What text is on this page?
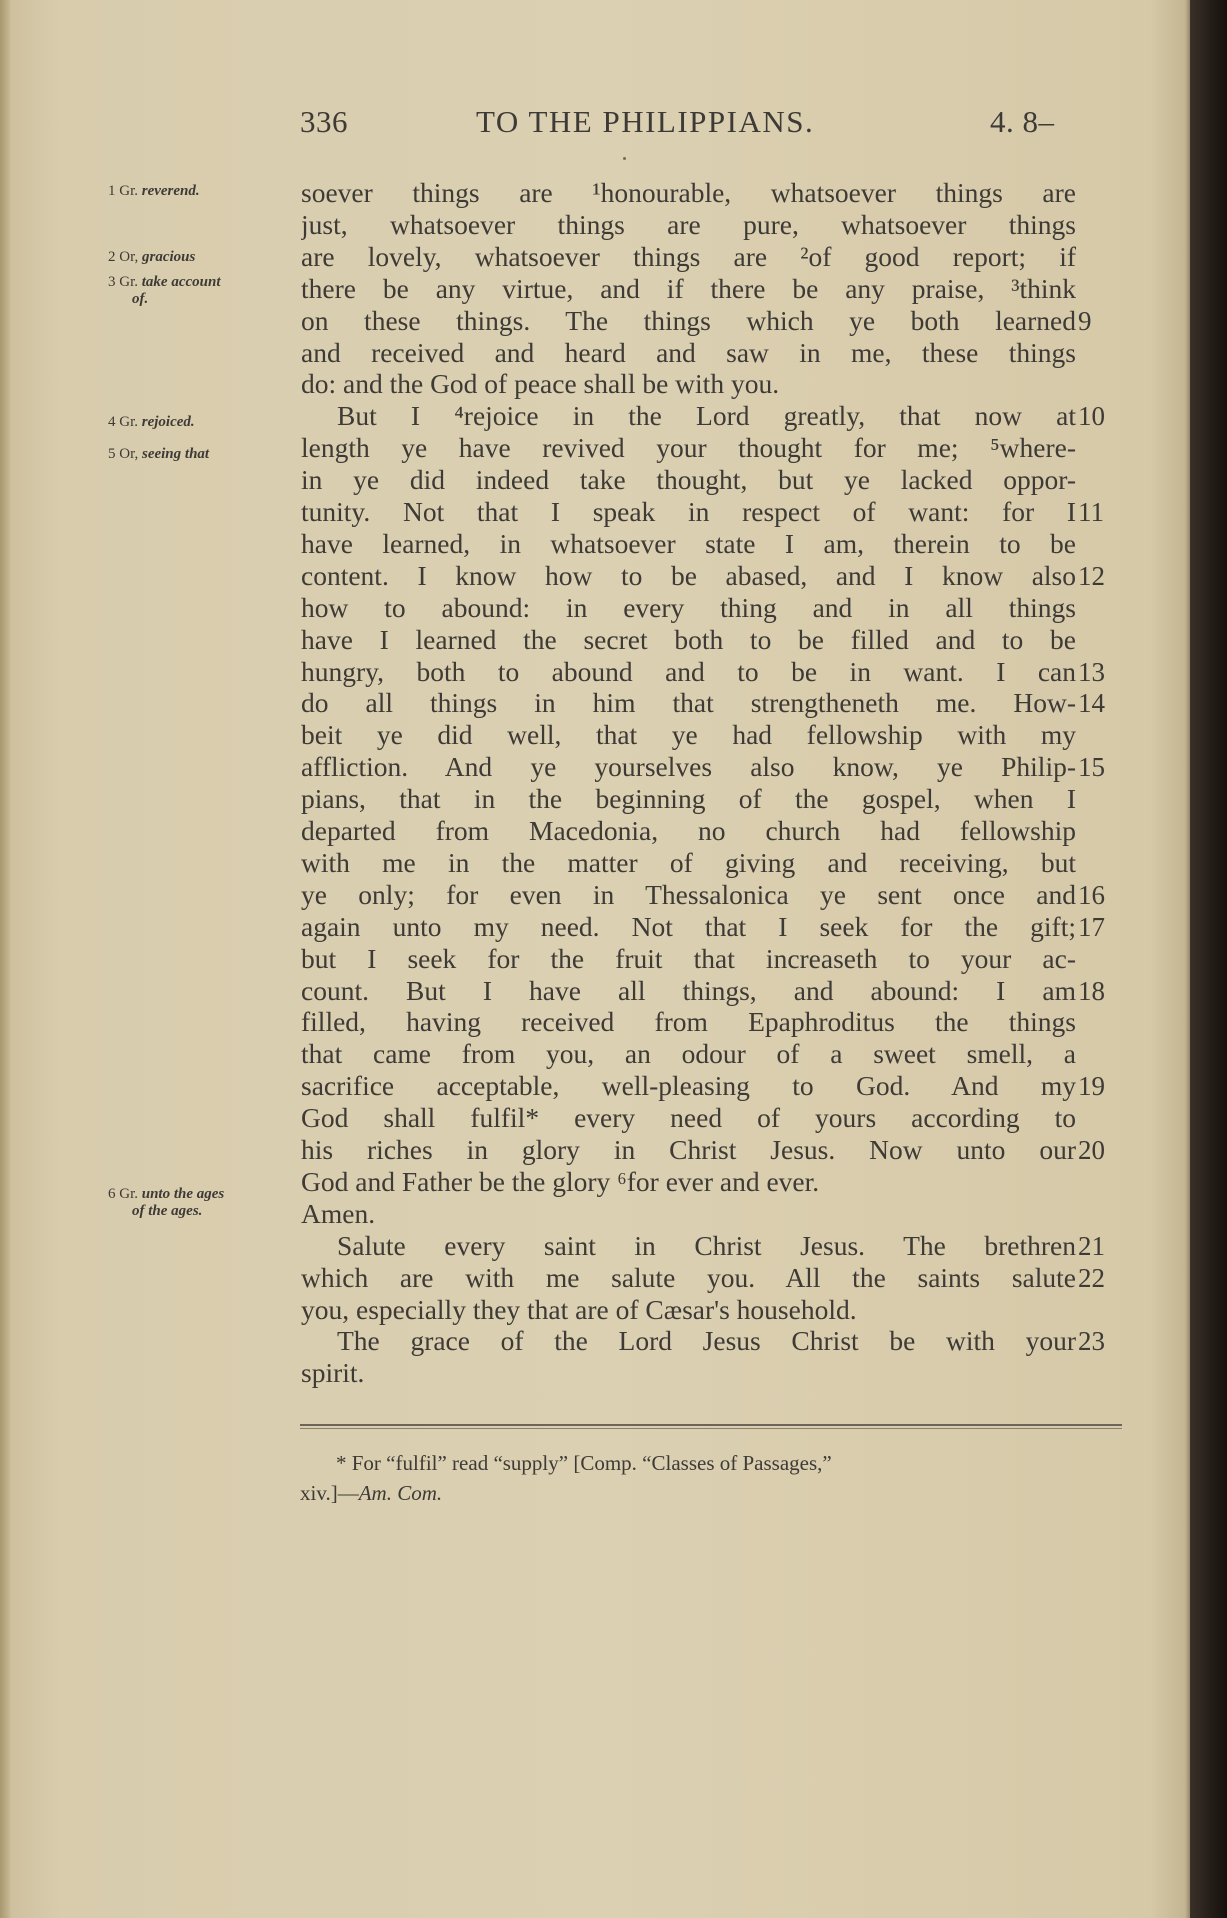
336	TO THE PHILIPPIANS.	4. 8–
1 Gr. reverend.
2 Or, gracious
3 Gr. take account
of.
4 Gr. rejoiced.
5 Or, seeing that
6 Gr. unto the ages
of the ages.
soever things are ¹honourable, whatsoever things are
just, whatsoever things are pure, whatsoever things
are lovely, whatsoever things are ²of good report; if
there be any virtue, and if there be any praise, ³think
on these things. The things which ye both learned
and received and heard and saw in me, these things
do: and the God of peace shall be with you.
But I ⁴rejoice in the Lord greatly, that now at
length ye have revived your thought for me; ⁵where-
in ye did indeed take thought, but ye lacked oppor-
tunity. Not that I speak in respect of want: for I
have learned, in whatsoever state I am, therein to be
content. I know how to be abased, and I know also
how to abound: in every thing and in all things
have I learned the secret both to be filled and to be
hungry, both to abound and to be in want. I can
do all things in him that strengtheneth me. How-
beit ye did well, that ye had fellowship with my
affliction. And ye yourselves also know, ye Philip-
pians, that in the beginning of the gospel, when I
departed from Macedonia, no church had fellowship
with me in the matter of giving and receiving, but
ye only; for even in Thessalonica ye sent once and
again unto my need. Not that I seek for the gift;
but I seek for the fruit that increaseth to your ac-
count. But I have all things, and abound: I am
filled, having received from Epaphroditus the things
that came from you, an odour of a sweet smell, a
sacrifice acceptable, well-pleasing to God. And my
God shall fulfil* every need of yours according to
his riches in glory in Christ Jesus. Now unto our
God and Father be the glory ⁶for ever and ever.
Amen.
Salute every saint in Christ Jesus. The brethren
which are with me salute you. All the saints salute
you, especially they that are of Cæsar's household.
The grace of the Lord Jesus Christ be with your
spirit.
9
10
11
12
13
14
15
16
17
18
19
20
21
22
23
* For “fulfil” read “supply” [Comp. “Classes of Passages,”
xiv.]—Am. Com.
